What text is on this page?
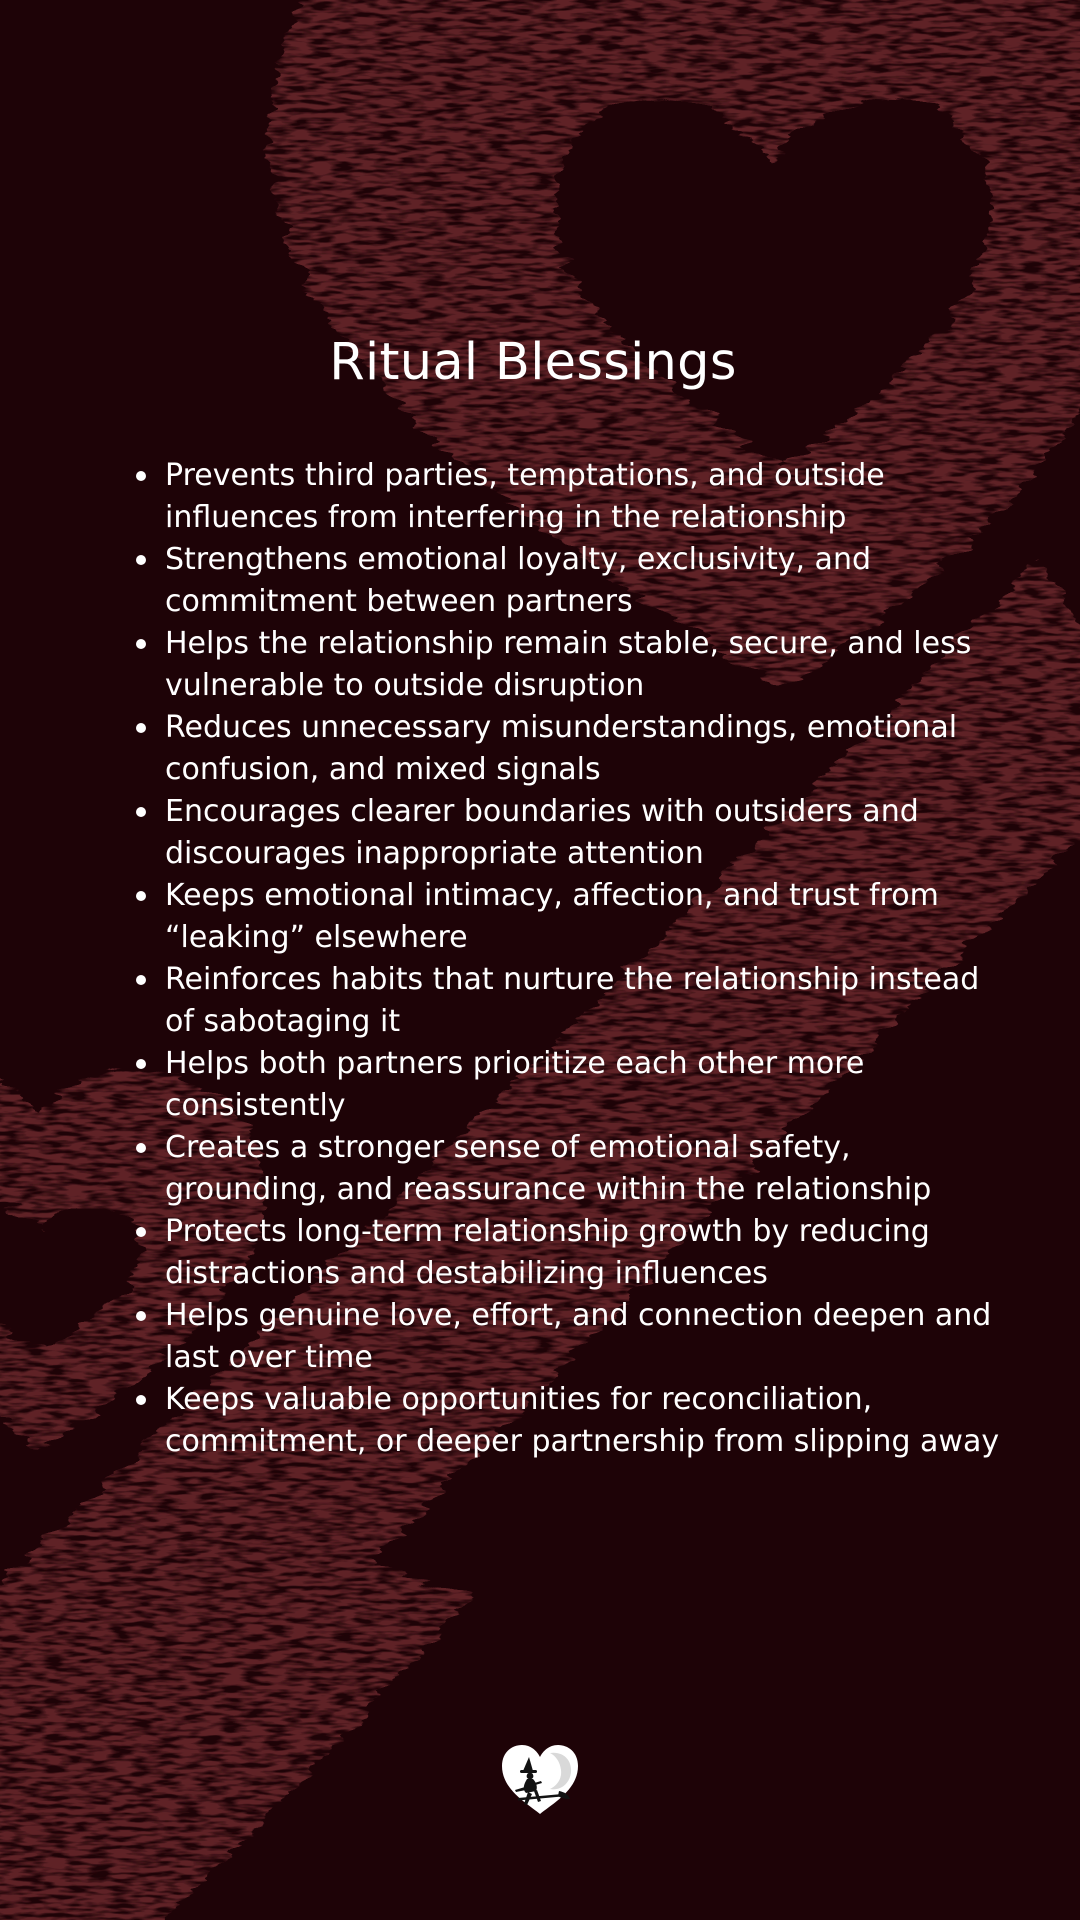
Ritual Blessings
Prevents third parties, temptations, and outside influences from interfering in the relationship
Strengthens emotional loyalty, exclusivity, and commitment between partners
Helps the relationship remain stable, secure, and less vulnerable to outside disruption
Reduces unnecessary misunderstandings, emotional confusion, and mixed signals
Encourages clearer boundaries with outsiders and discourages inappropriate attention
Keeps emotional intimacy, affection, and trust from “leaking” elsewhere
Reinforces habits that nurture the relationship instead of sabotaging it
Helps both partners prioritize each other more consistently
Creates a stronger sense of emotional safety, grounding, and reassurance within the relationship
Protects long-term relationship growth by reducing distractions and destabilizing influences
Helps genuine love, effort, and connection deepen and last over time
Keeps valuable opportunities for reconciliation, commitment, or deeper partnership from slipping away
